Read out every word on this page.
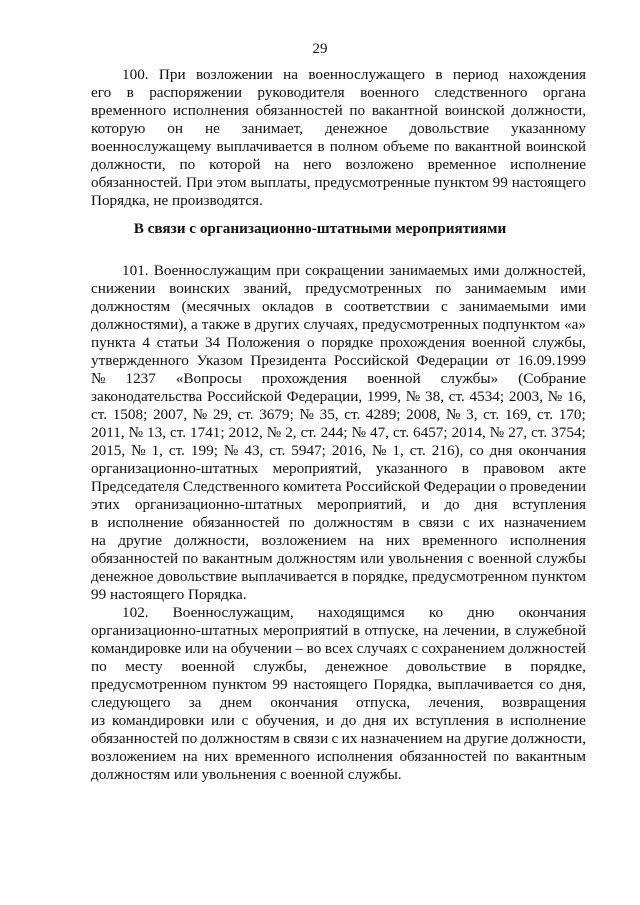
29
В связи с организационно-штатными мероприятиями
100. При возложении на военнослужащего в период нахождения
его в распоряжении руководителя военного следственного органа
временного исполнения обязанностей по вакантной воинской должности,
которую он не занимает, денежное довольствие указанному
военнослужащему выплачивается в полном объеме по вакантной воинской
должности, по которой на него возложено временное исполнение
обязанностей. При этом выплаты, предусмотренные пунктом 99 настоящего
Порядка, не производятся.
101. Военнослужащим при сокращении занимаемых ими должностей,
снижении воинских званий, предусмотренных по занимаемым ими
должностям (месячных окладов в соответствии с занимаемыми ими
должностями), а также в других случаях, предусмотренных подпунктом «а»
пункта 4 статьи 34 Положения о порядке прохождения военной службы,
утвержденного Указом Президента Российской Федерации от 16.09.1999
№ 1237 «Вопросы прохождения военной службы» (Собрание
законодательства Российской Федерации, 1999, № 38, ст. 4534; 2003, № 16,
ст. 1508; 2007, № 29, ст. 3679; № 35, ст. 4289; 2008, № 3, ст. 169, ст. 170;
2011, № 13, ст. 1741; 2012, № 2, ст. 244; № 47, ст. 6457; 2014, № 27, ст. 3754;
2015, № 1, ст. 199; № 43, ст. 5947; 2016, № 1, ст. 216), со дня окончания
организационно-штатных мероприятий, указанного в правовом акте
Председателя Следственного комитета Российской Федерации о проведении
этих организационно-штатных мероприятий, и до дня вступления
в исполнение обязанностей по должностям в связи с их назначением
на другие должности, возложением на них временного исполнения
обязанностей по вакантным должностям или увольнения с военной службы
денежное довольствие выплачивается в порядке, предусмотренном пунктом
99 настоящего Порядка.
102. Военнослужащим, находящимся ко дню окончания
организационно-штатных мероприятий в отпуске, на лечении, в служебной
командировке или на обучении – во всех случаях с сохранением должностей
по месту военной службы, денежное довольствие в порядке,
предусмотренном пунктом 99 настоящего Порядка, выплачивается со дня,
следующего за днем окончания отпуска, лечения, возвращения
из командировки или с обучения, и до дня их вступления в исполнение
обязанностей по должностям в связи с их назначением на другие должности,
возложением на них временного исполнения обязанностей по вакантным
должностям или увольнения с военной службы.
